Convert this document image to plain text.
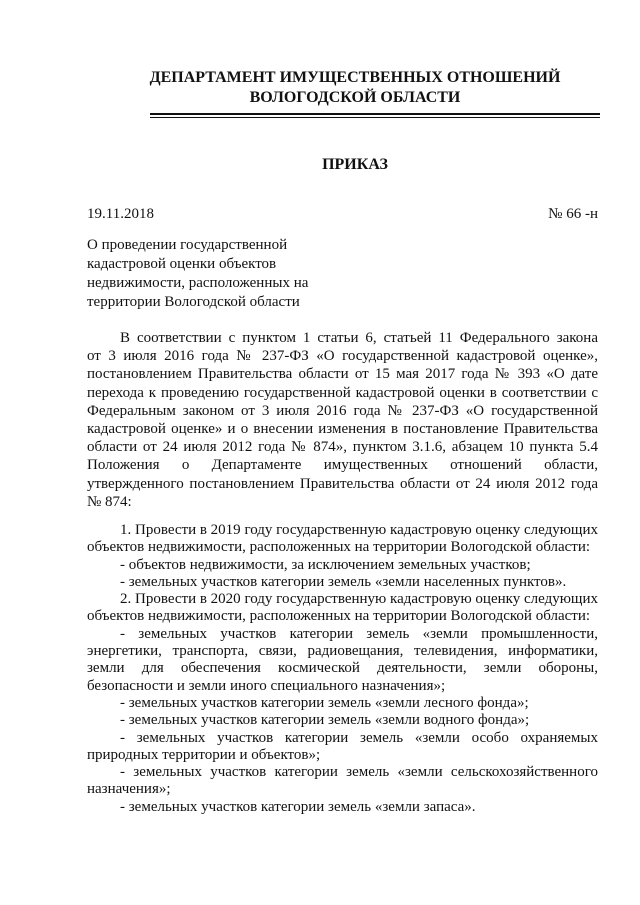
ДЕПАРТАМЕНТ ИМУЩЕСТВЕННЫХ ОТНОШЕНИЙ
ВОЛОГОДСКОЙ ОБЛАСТИ
ПРИКАЗ
19.11.2018	№ 66 -н
О проведении государственной
кадастровой оценки объектов
недвижимости, расположенных на
территории Вологодской области
В соответствии с пунктом 1 статьи 6, статьей 11 Федерального закона
от 3 июля 2016 года № 237-ФЗ «О государственной кадастровой оценке»,
постановлением Правительства области от 15 мая 2017 года № 393 «О дате
перехода к проведению государственной кадастровой оценки в соответствии с
Федеральным законом от 3 июля 2016 года № 237-ФЗ «О государственной
кадастровой оценке» и о внесении изменения в постановление Правительства
области от 24 июля 2012 года № 874», пунктом 3.1.6, абзацем 10 пункта 5.4
Положения о Департаменте имущественных отношений области,
утвержденного постановлением Правительства области от 24 июля 2012 года
№ 874:
1. Провести в 2019 году государственную кадастровую оценку следующих
объектов недвижимости, расположенных на территории Вологодской области:
- объектов недвижимости, за исключением земельных участков;
- земельных участков категории земель «земли населенных пунктов».
2. Провести в 2020 году государственную кадастровую оценку следующих
объектов недвижимости, расположенных на территории Вологодской области:
- земельных участков категории земель «земли промышленности,
энергетики, транспорта, связи, радиовещания, телевидения, информатики,
земли для обеспечения космической деятельности, земли обороны,
безопасности и земли иного специального назначения»;
- земельных участков категории земель «земли лесного фонда»;
- земельных участков категории земель «земли водного фонда»;
- земельных участков категории земель «земли особо охраняемых
природных территории и объектов»;
- земельных участков категории земель «земли сельскохозяйственного
назначения»;
- земельных участков категории земель «земли запаса».
